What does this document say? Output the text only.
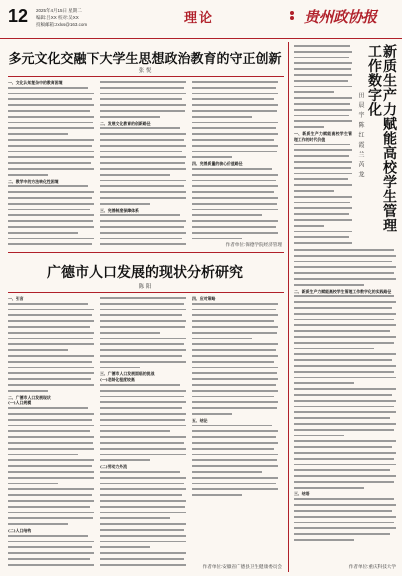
12 2025年4月15日 星期二
编辑:吕XX 校对:吴XX
投稿邮箱:zxlxs@163.com	理论	贵州政协报
多元文化交融下大学生思想政治教育的守正创新
张 悦
一、文化认知复杂中的教育困境
二、教学中的方法转化性困境
二、发展文化教育的创新路径
三、完善制度保障体系
四、完善质量的核心价值路径
作者单位:保德学院经济管理
广德市人口发展的现状分析研究
陈 阳
一、引言
二、广德市人口发展现状
(一)人口规模
(二)人口结构
三、广德市人口发展面临的挑战
(一)老龄化程度较高
(二)劳动力外流
四、应对策略
五、结论
作者单位:安徽省广德县卫生健康委员会
新质生产力赋能高校学生管理工作数字化
田 晨 宇 陈 红 霞 兰 芮 龙
一、新质生产力赋能高校学生管理工作的时代价值
二、新质生产力赋能高校学生管理工作数字化的实践路径
三、结语
作者单位:重庆科技大学
